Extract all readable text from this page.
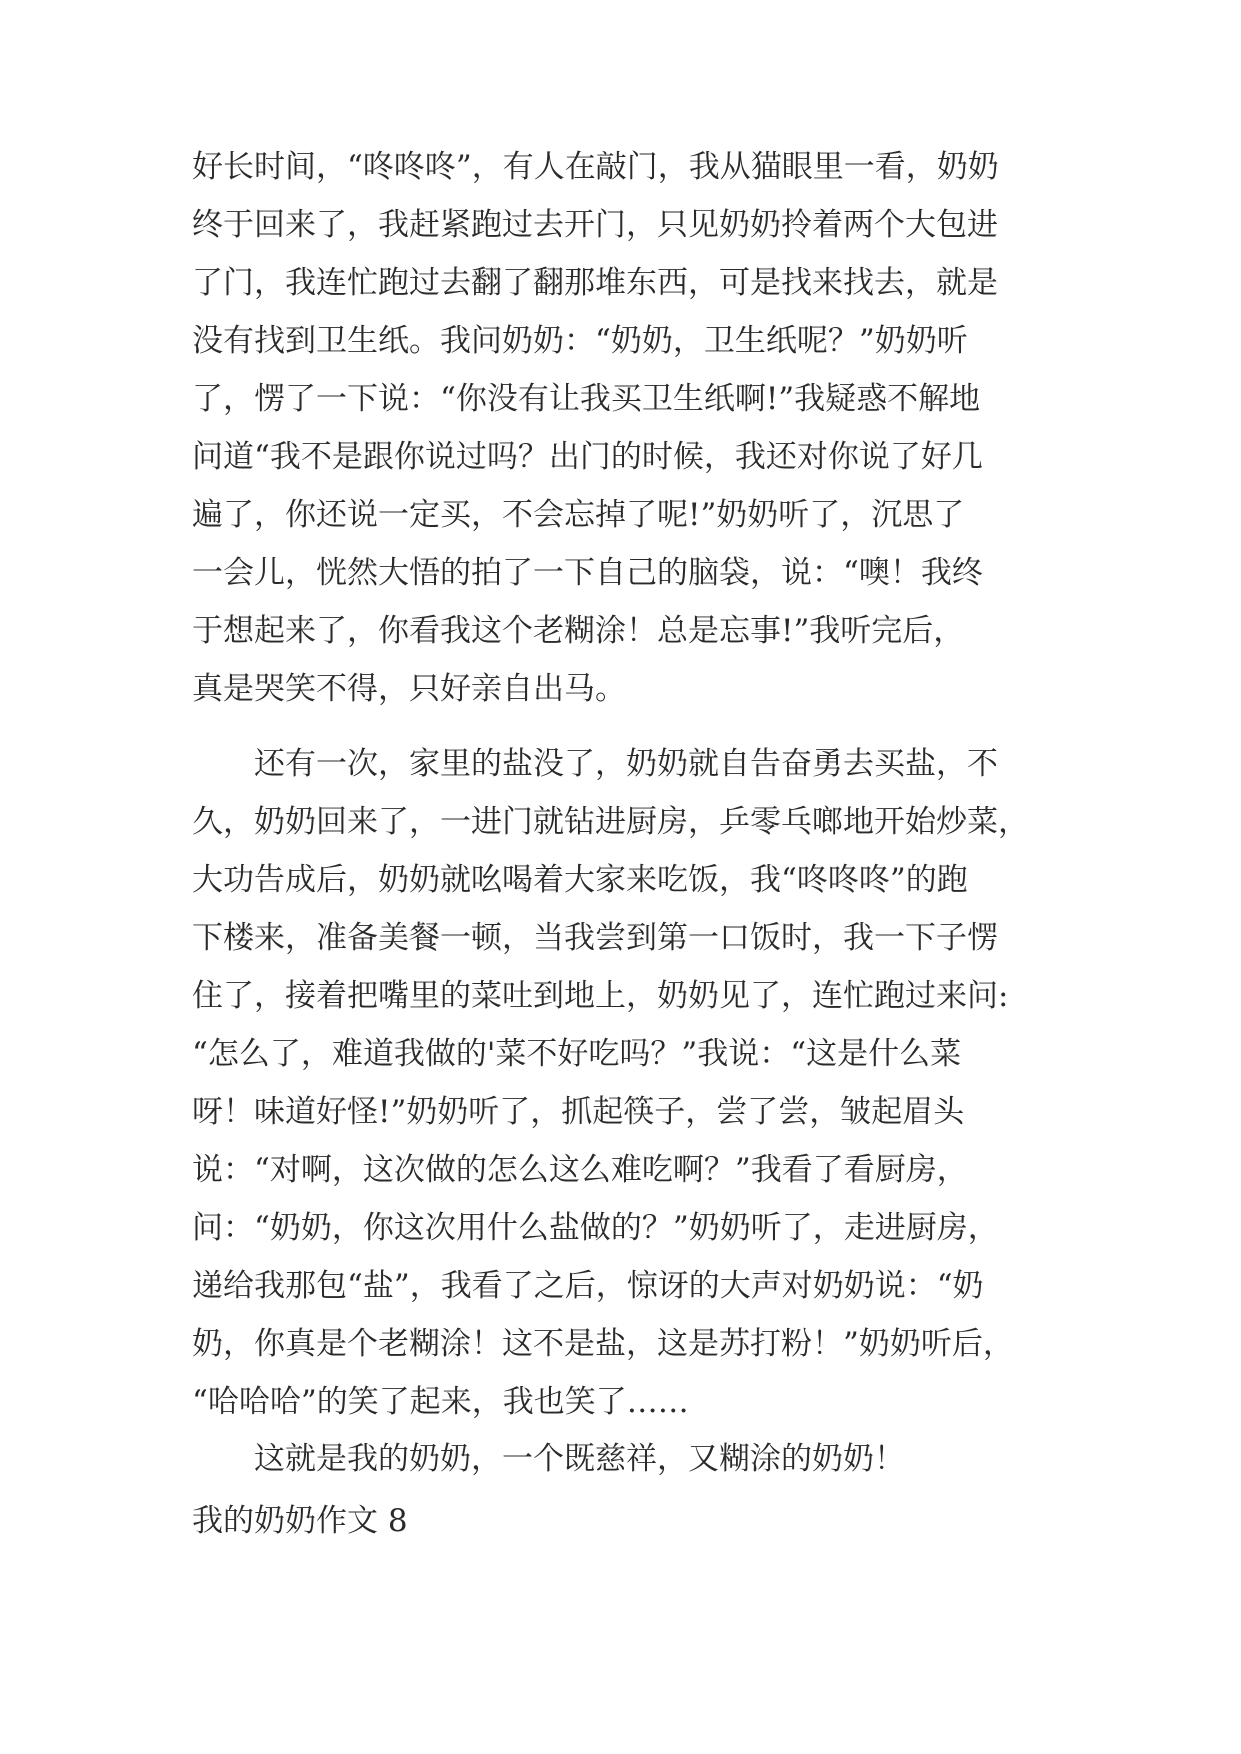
好长时间，“咚咚咚”，有人在敲门，我从猫眼里一看，奶奶
终于回来了，我赶紧跑过去开门，只见奶奶拎着两个大包进
了门，我连忙跑过去翻了翻那堆东西，可是找来找去，就是
没有找到卫生纸。我问奶奶：“奶奶，卫生纸呢？”奶奶听
了，愣了一下说：“你没有让我买卫生纸啊!”我疑惑不解地
问道“我不是跟你说过吗？出门的时候，我还对你说了好几
遍了，你还说一定买，不会忘掉了呢!”奶奶听了，沉思了
一会儿，恍然大悟的拍了一下自己的脑袋，说：“噢！我终
于想起来了，你看我这个老糊涂！总是忘事!”我听完后，
真是哭笑不得，只好亲自出马。
还有一次，家里的盐没了，奶奶就自告奋勇去买盐，不
久，奶奶回来了，一进门就钻进厨房，乒零乓啷地开始炒菜，
大功告成后，奶奶就吆喝着大家来吃饭，我“咚咚咚”的跑
下楼来，准备美餐一顿，当我尝到第一口饭时，我一下子愣
住了，接着把嘴里的菜吐到地上，奶奶见了，连忙跑过来问:
“怎么了，难道我做的'菜不好吃吗？”我说：“这是什么菜
呀！味道好怪!”奶奶听了，抓起筷子，尝了尝，皱起眉头
说：“对啊，这次做的怎么这么难吃啊？”我看了看厨房，
问：“奶奶，你这次用什么盐做的？”奶奶听了，走进厨房，
递给我那包“盐”，我看了之后，惊讶的大声对奶奶说：“奶
奶，你真是个老糊涂！这不是盐，这是苏打粉！”奶奶听后，
“哈哈哈”的笑了起来，我也笑了……
这就是我的奶奶，一个既慈祥，又糊涂的奶奶！
我的奶奶作文 8
